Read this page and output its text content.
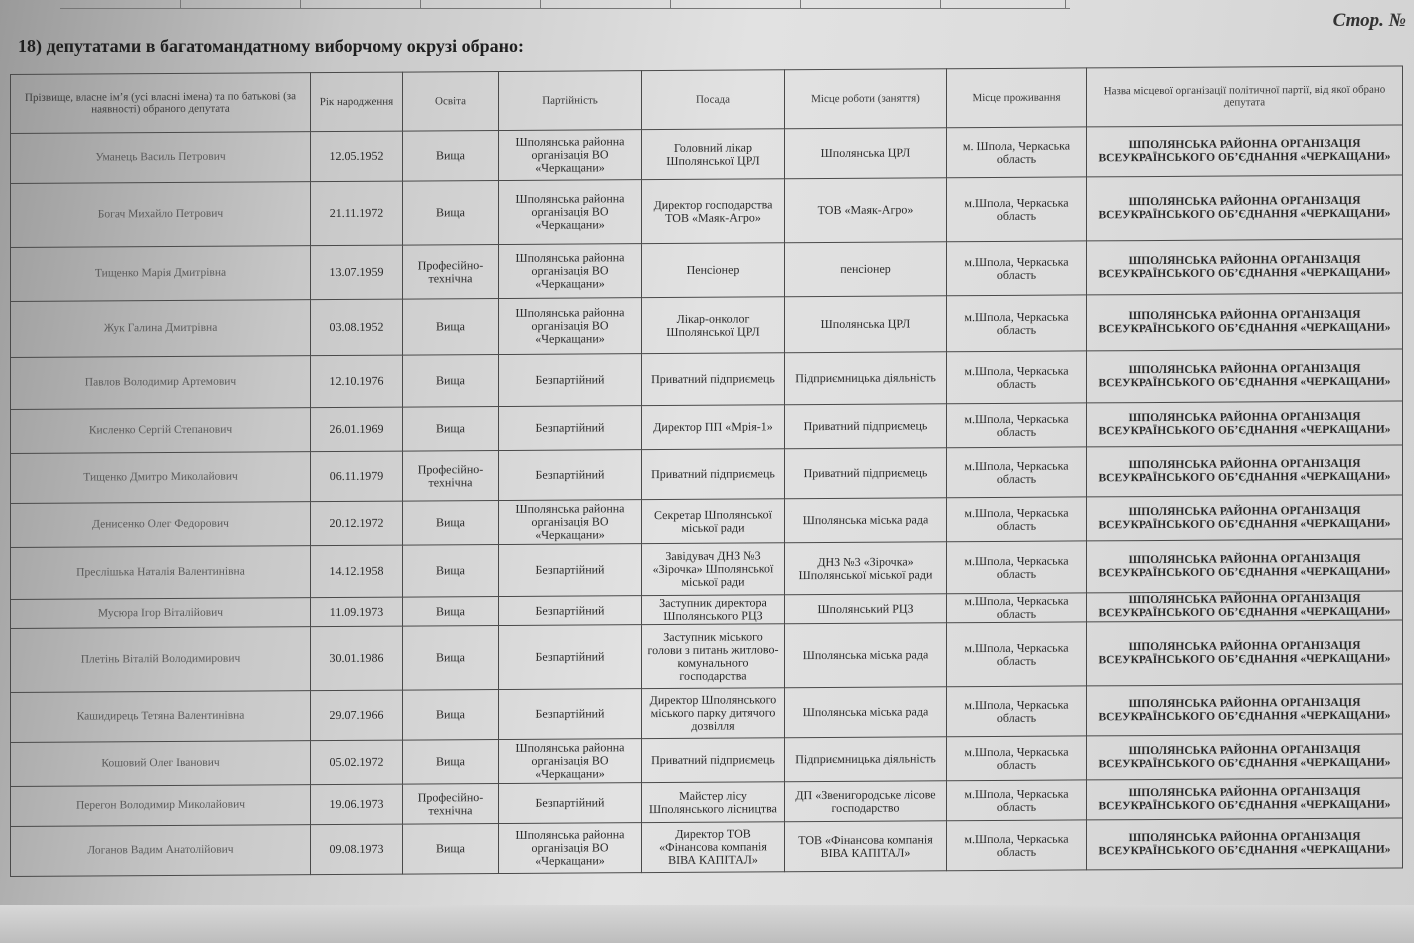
Стор. №
18) депутатами в багатомандатному виборчому окрузі обрано:
Прізвище, власне ім’я (усі власні імена) та по батькові (за наявності) обраного депутата	Рік народження	Освіта	Партійність	Посада	Місце роботи (заняття)	Місце проживання	Назва місцевої організації політичної партії, від якої обрано депутата
Уманець Василь Петрович	12.05.1952	Вища	Шполянська районна організація ВО «Черкащани»	Головний лікар Шполянської ЦРЛ	Шполянська ЦРЛ	м. Шпола, Черкаська область	ШПОЛЯНСЬКА РАЙОННА ОРГАНІЗАЦІЯ ВСЕУКРАЇНСЬКОГО ОБ’ЄДНАННЯ «ЧЕРКАЩАНИ»
Богач Михайло Петрович	21.11.1972	Вища	Шполянська районна організація ВО «Черкащани»	Директор господарства ТОВ «Маяк-Агро»	ТОВ «Маяк-Агро»	м.Шпола, Черкаська область	ШПОЛЯНСЬКА РАЙОННА ОРГАНІЗАЦІЯ ВСЕУКРАЇНСЬКОГО ОБ’ЄДНАННЯ «ЧЕРКАЩАНИ»
Тищенко Марія Дмитрівна	13.07.1959	Професійно-технічна	Шполянська районна організація ВО «Черкащани»	Пенсіонер	пенсіонер	м.Шпола, Черкаська область	ШПОЛЯНСЬКА РАЙОННА ОРГАНІЗАЦІЯ ВСЕУКРАЇНСЬКОГО ОБ’ЄДНАННЯ «ЧЕРКАЩАНИ»
Жук Галина Дмитрівна	03.08.1952	Вища	Шполянська районна організація ВО «Черкащани»	Лікар-онколог Шполянської ЦРЛ	Шполянська ЦРЛ	м.Шпола, Черкаська область	ШПОЛЯНСЬКА РАЙОННА ОРГАНІЗАЦІЯ ВСЕУКРАЇНСЬКОГО ОБ’ЄДНАННЯ «ЧЕРКАЩАНИ»
Павлов Володимир Артемович	12.10.1976	Вища	Безпартійний	Приватний підприємець	Підприємницька діяльність	м.Шпола, Черкаська область	ШПОЛЯНСЬКА РАЙОННА ОРГАНІЗАЦІЯ ВСЕУКРАЇНСЬКОГО ОБ’ЄДНАННЯ «ЧЕРКАЩАНИ»
Кисленко Сергій Степанович	26.01.1969	Вища	Безпартійний	Директор ПП «Мрія-1»	Приватний підприємець	м.Шпола, Черкаська область	ШПОЛЯНСЬКА РАЙОННА ОРГАНІЗАЦІЯ ВСЕУКРАЇНСЬКОГО ОБ’ЄДНАННЯ «ЧЕРКАЩАНИ»
Тищенко Дмитро Миколайович	06.11.1979	Професійно-технічна	Безпартійний	Приватний підприємець	Приватний підприємець	м.Шпола, Черкаська область	ШПОЛЯНСЬКА РАЙОННА ОРГАНІЗАЦІЯ ВСЕУКРАЇНСЬКОГО ОБ’ЄДНАННЯ «ЧЕРКАЩАНИ»
Денисенко Олег Федорович	20.12.1972	Вища	Шполянська районна організація ВО «Черкащани»	Секретар Шполянської міської ради	Шполянська міська рада	м.Шпола, Черкаська область	ШПОЛЯНСЬКА РАЙОННА ОРГАНІЗАЦІЯ ВСЕУКРАЇНСЬКОГО ОБ’ЄДНАННЯ «ЧЕРКАЩАНИ»
Преслішька Наталія Валентинівна	14.12.1958	Вища	Безпартійний	Завідувач ДНЗ №3 «Зірочка» Шполянської міської ради	ДНЗ №3 «Зірочка» Шполянської міської ради	м.Шпола, Черкаська область	ШПОЛЯНСЬКА РАЙОННА ОРГАНІЗАЦІЯ ВСЕУКРАЇНСЬКОГО ОБ’ЄДНАННЯ «ЧЕРКАЩАНИ»
Мусюра Ігор Віталійович	11.09.1973	Вища	Безпартійний	Заступник директора Шполянського РЦЗ	Шполянський РЦЗ	м.Шпола, Черкаська область	ШПОЛЯНСЬКА РАЙОННА ОРГАНІЗАЦІЯ ВСЕУКРАЇНСЬКОГО ОБ’ЄДНАННЯ «ЧЕРКАЩАНИ»
Плетінь Віталій Володимирович	30.01.1986	Вища	Безпартійний	Заступник міського голови з питань житлово-комунального господарства	Шполянська міська рада	м.Шпола, Черкаська область	ШПОЛЯНСЬКА РАЙОННА ОРГАНІЗАЦІЯ ВСЕУКРАЇНСЬКОГО ОБ’ЄДНАННЯ «ЧЕРКАЩАНИ»
Кашидирець Тетяна Валентинівна	29.07.1966	Вища	Безпартійний	Директор Шполянського міського парку дитячого дозвілля	Шполянська міська рада	м.Шпола, Черкаська область	ШПОЛЯНСЬКА РАЙОННА ОРГАНІЗАЦІЯ ВСЕУКРАЇНСЬКОГО ОБ’ЄДНАННЯ «ЧЕРКАЩАНИ»
Кошовий Олег Іванович	05.02.1972	Вища	Шполянська районна організація ВО «Черкащани»	Приватний підприємець	Підприємницька діяльність	м.Шпола, Черкаська область	ШПОЛЯНСЬКА РАЙОННА ОРГАНІЗАЦІЯ ВСЕУКРАЇНСЬКОГО ОБ’ЄДНАННЯ «ЧЕРКАЩАНИ»
Перегон Володимир Миколайович	19.06.1973	Професійно-технічна	Безпартійний	Майстер лісу Шполянського лісництва	ДП «Звенигородське лісове господарство	м.Шпола, Черкаська область	ШПОЛЯНСЬКА РАЙОННА ОРГАНІЗАЦІЯ ВСЕУКРАЇНСЬКОГО ОБ’ЄДНАННЯ «ЧЕРКАЩАНИ»
Логанов Вадим Анатолійович	09.08.1973	Вища	Шполянська районна організація ВО «Черкащани»	Директор ТОВ «Фінансова компанія ВІВА КАПІТАЛ»	ТОВ «Фінансова компанія ВІВА КАПІТАЛ»	м.Шпола, Черкаська область	ШПОЛЯНСЬКА РАЙОННА ОРГАНІЗАЦІЯ ВСЕУКРАЇНСЬКОГО ОБ’ЄДНАННЯ «ЧЕРКАЩАНИ»
